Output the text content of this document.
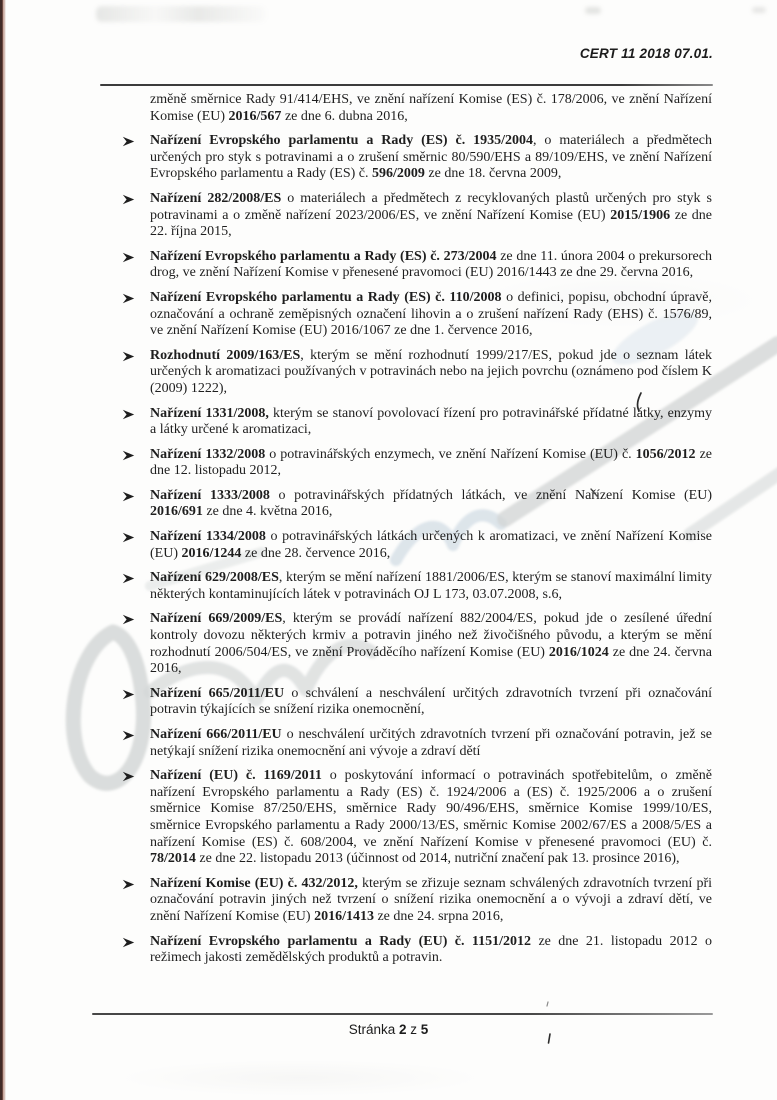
CERT 11 2018 07.01.

změně směrnice Rady 91/414/EHS, ve znění nařízení Komise (ES) č. 178/2006, ve znění Nařízení Komise (EU) 2016/567 ze dne 6. dubna 2016,

Nařízení Evropského parlamentu a Rady (ES) č. 1935/2004, o materiálech a předmětech určených pro styk s potravinami a o zrušení směrnic 80/590/EHS a 89/109/EHS, ve znění Nařízení Evropského parlamentu a Rady (ES) č. 596/2009 ze dne 18. června 2009,
Nařízení 282/2008/ES o materiálech a předmětech z recyklovaných plastů určených pro styk s potravinami a o změně nařízení 2023/2006/ES, ve znění Nařízení Komise (EU) 2015/1906 ze dne 22. října 2015,
Nařízení Evropského parlamentu a Rady (ES) č. 273/2004 ze dne 11. února 2004 o prekursorech drog, ve znění Nařízení Komise v přenesené pravomoci (EU) 2016/1443 ze dne 29. června 2016,
Nařízení Evropského parlamentu a Rady (ES) č. 110/2008 o definici, popisu, obchodní úpravě, označování a ochraně zeměpisných označení lihovin a o zrušení nařízení Rady (EHS) č. 1576/89, ve znění Nařízení Komise (EU) 2016/1067 ze dne 1. července 2016,
Rozhodnutí 2009/163/ES, kterým se mění rozhodnutí 1999/217/ES, pokud jde o seznam látek určených k aromatizaci používaných v potravinách nebo na jejich povrchu (oznámeno pod číslem K (2009) 1222),
Nařízení 1331/2008, kterým se stanoví povolovací řízení pro potravinářské přídatné látky, enzymy a látky určené k aromatizaci,
Nařízení 1332/2008 o potravinářských enzymech, ve znění Nařízení Komise (EU) č. 1056/2012 ze dne 12. listopadu 2012,
Nařízení 1333/2008 o potravinářských přídatných látkách, ve znění Nařízení Komise (EU) 2016/691 ze dne 4. května 2016,
Nařízení 1334/2008 o potravinářských látkách určených k aromatizaci, ve znění Nařízení Komise (EU) 2016/1244 ze dne 28. července 2016,
Nařízení 629/2008/ES, kterým se mění nařízení 1881/2006/ES, kterým se stanoví maximální limity některých kontaminujících látek v potravinách OJ L 173, 03.07.2008, s.6,
Nařízení 669/2009/ES, kterým se provádí nařízení 882/2004/ES, pokud jde o zesílené úřední kontroly dovozu některých krmiv a potravin jiného než živočišného původu, a kterým se mění rozhodnutí 2006/504/ES, ve znění Prováděcího nařízení Komise (EU) 2016/1024 ze dne 24. června 2016,
Nařízení 665/2011/EU o schválení a neschválení určitých zdravotních tvrzení při označování potravin týkajících se snížení rizika onemocnění,
Nařízení 666/2011/EU o neschválení určitých zdravotních tvrzení při označování potravin, jež se netýkají snížení rizika onemocnění ani vývoje a zdraví dětí
Nařízení (EU) č. 1169/2011 o poskytování informací o potravinách spotřebitelům, o změně nařízení Evropského parlamentu a Rady (ES) č. 1924/2006 a (ES) č. 1925/2006 a o zrušení směrnice Komise 87/250/EHS, směrnice Rady 90/496/EHS, směrnice Komise 1999/10/ES, směrnice Evropského parlamentu a Rady 2000/13/ES, směrnic Komise 2002/67/ES a 2008/5/ES a nařízení Komise (ES) č. 608/2004, ve znění Nařízení Komise v přenesené pravomoci (EU) č. 78/2014 ze dne 22. listopadu 2013 (účinnost od 2014, nutriční značení pak 13. prosince 2016),
Nařízení Komise (EU) č. 432/2012, kterým se zřizuje seznam schválených zdravotních tvrzení při označování potravin jiných než tvrzení o snížení rizika onemocnění a o vývoji a zdraví dětí, ve znění Nařízení Komise (EU) 2016/1413 ze dne 24. srpna 2016,
Nařízení Evropského parlamentu a Rady (EU) č. 1151/2012 ze dne 21. listopadu 2012 o režimech jakosti zemědělských produktů a potravin.
Stránka 2 z 5
